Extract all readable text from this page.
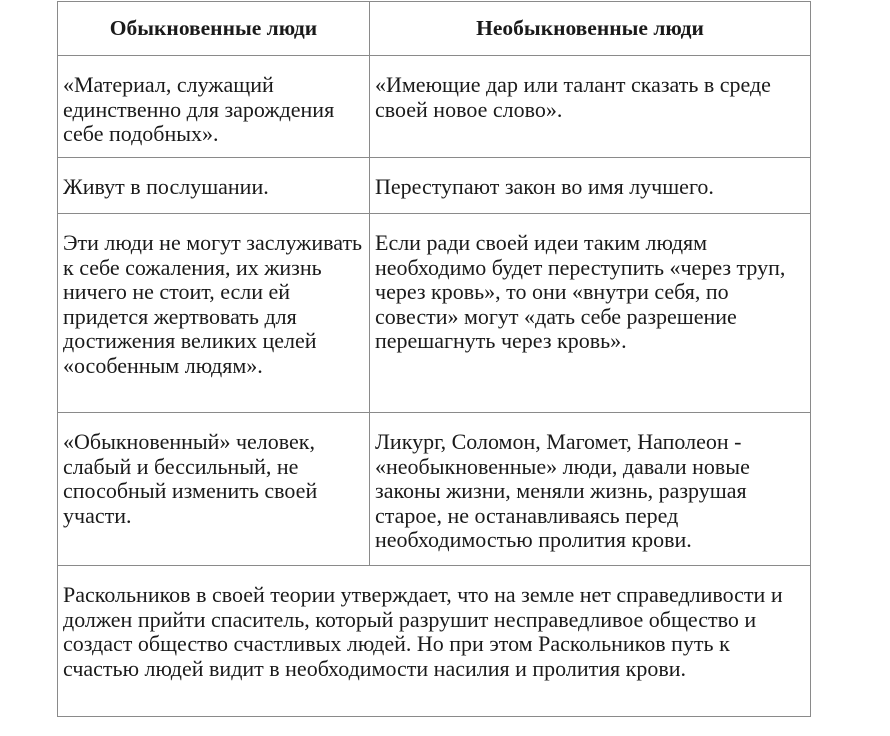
Обыкновенные люди	Необыкновенные люди
«Материал, служащий единственно для зарождения себе подобных».	«Имеющие дар или талант сказать в среде своей новое слово».
Живут в послушании.	Переступают закон во имя лучшего.
Эти люди не могут заслуживать к себе сожаления, их жизнь ничего не стоит, если ей придется жертвовать для достижения великих целей «особенным людям».	Если ради своей идеи таким людям необходимо будет переступить «через труп, через кровь», то они «внутри себя, по совести» могут «дать себе разрешение перешагнуть через кровь».
«Обыкновенный» человек, слабый и бессильный, не способный изменить своей участи.	Ликург, Соломон, Магомет, Наполеон - «необыкновенные» люди, давали новые законы жизни, меняли жизнь, разрушая старое, не останавливаясь перед необходимостью пролития крови.
Раскольников в своей теории утверждает, что на земле нет справедливости и должен прийти спаситель, который разрушит несправедливое общество и создаст общество счастливых людей. Но при этом Раскольников путь к счастью людей видит в необходимости насилия и пролития крови.	
